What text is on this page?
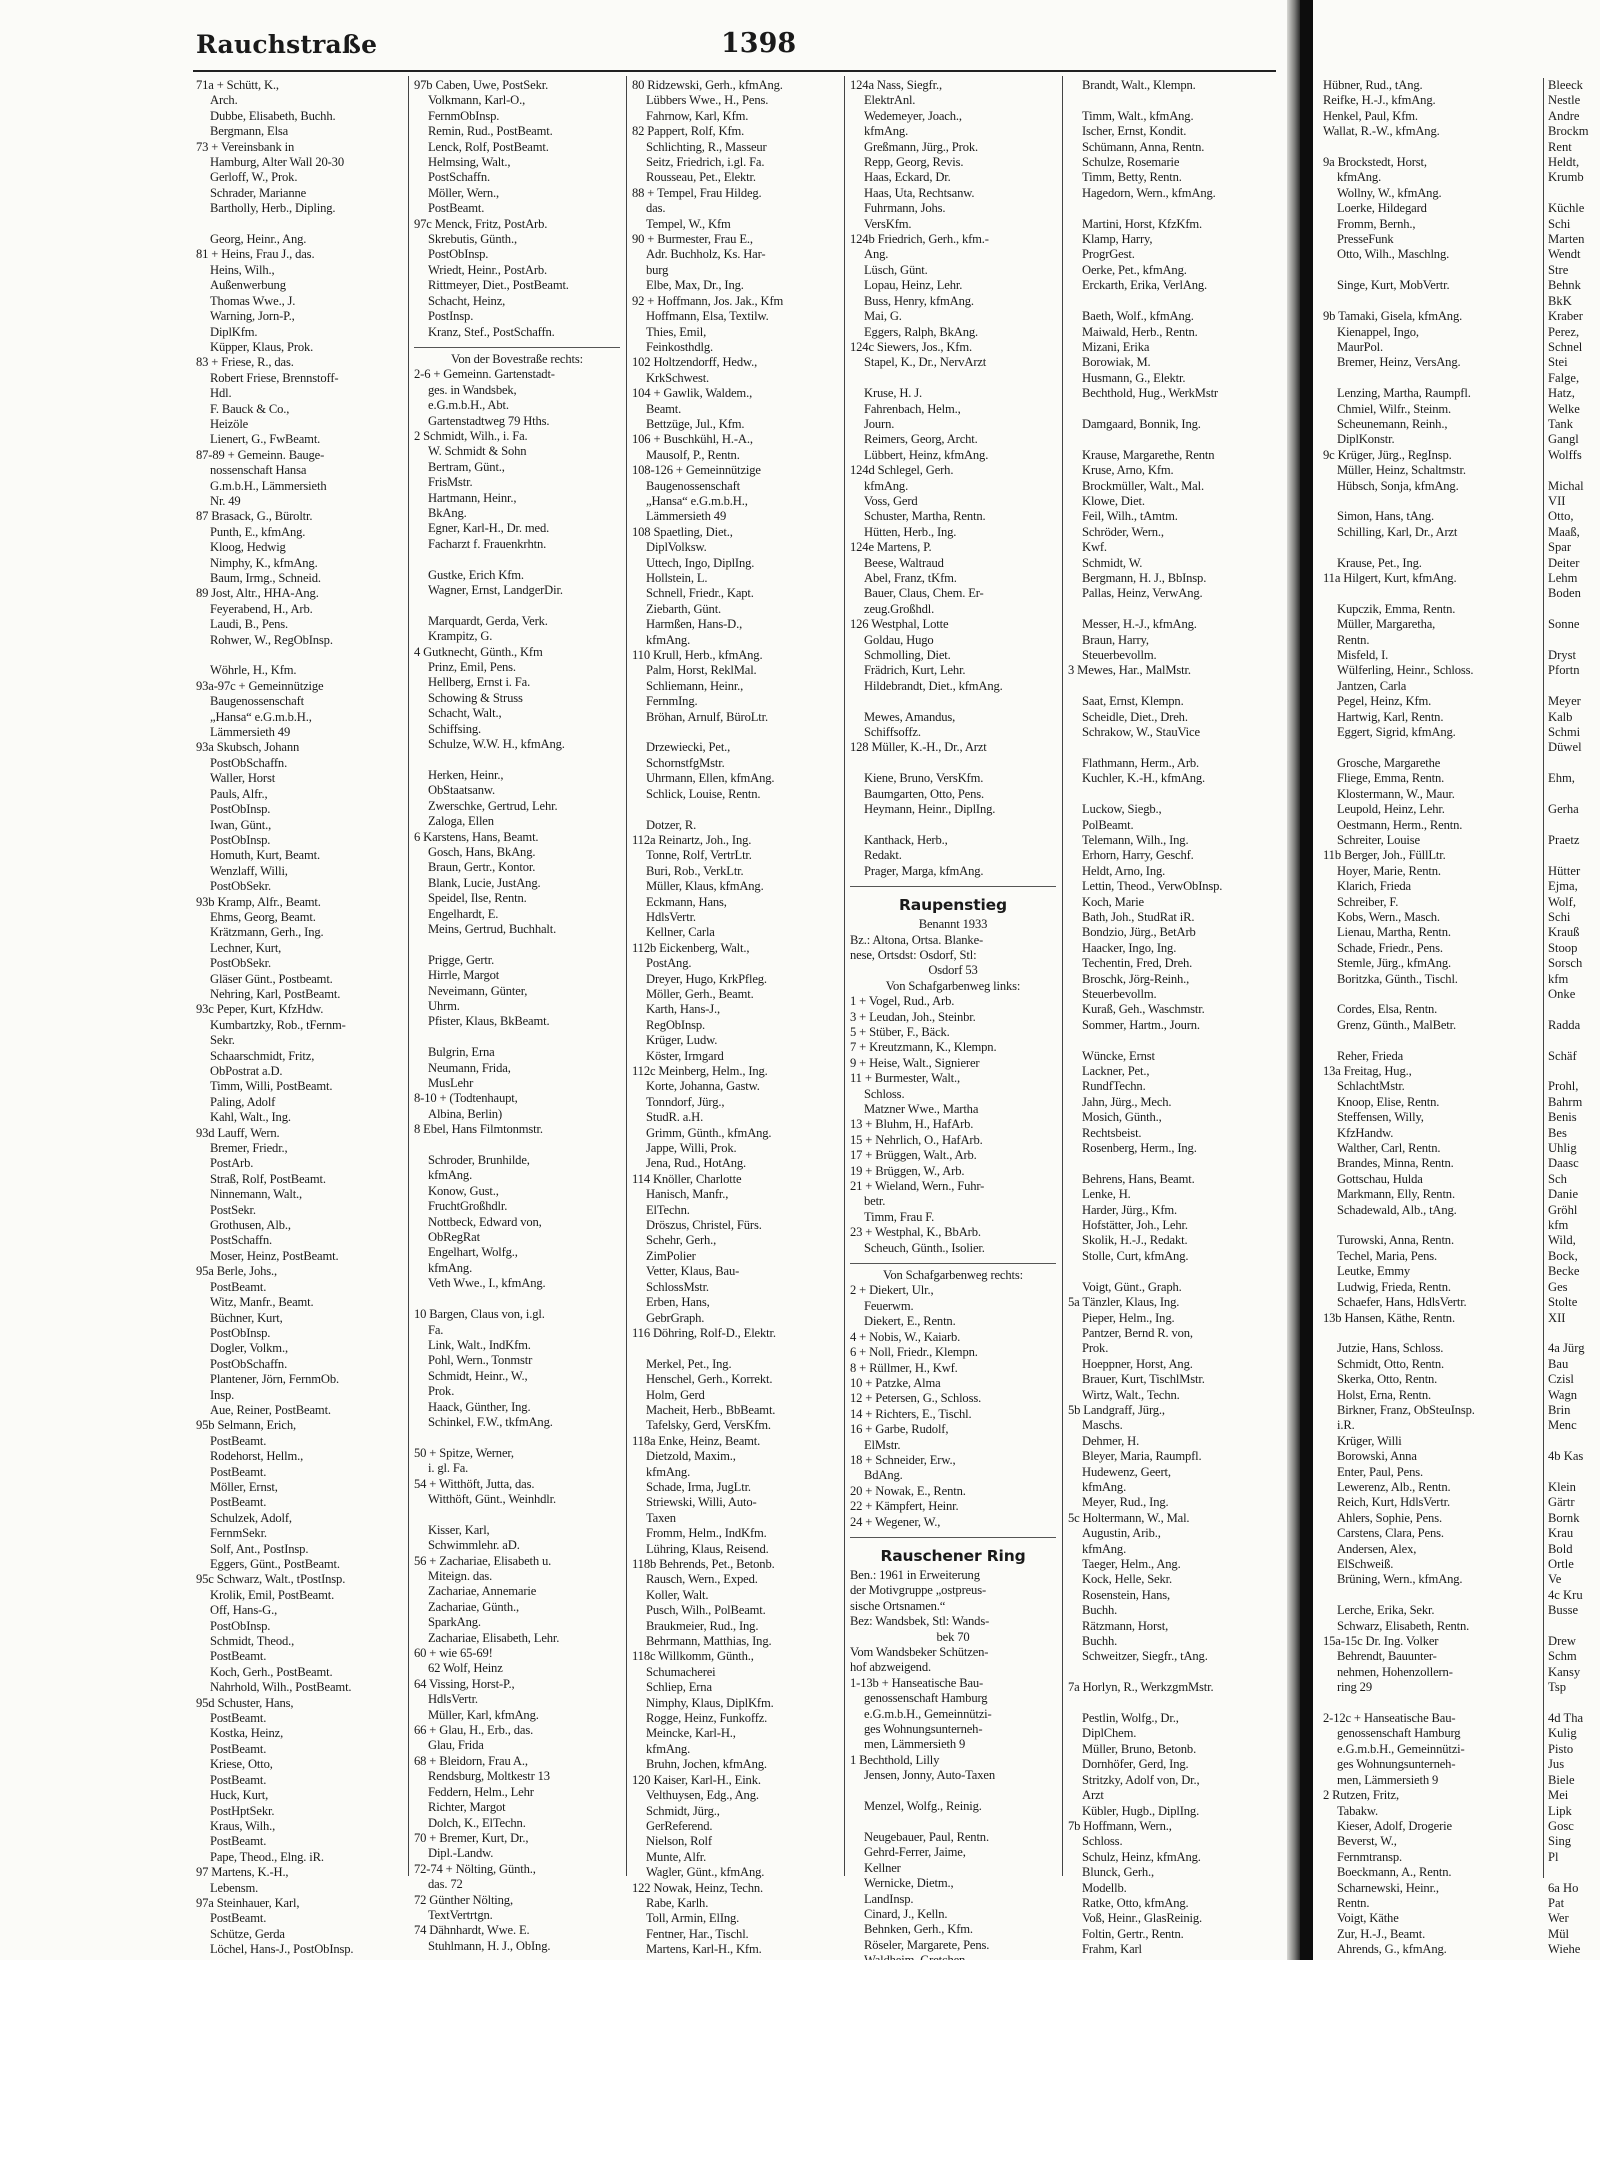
Rauchstraße	1398
71a + Schütt, K.,
Arch.
Dubbe, Elisabeth, Buchh.
Bergmann, Elsa
73 + Vereinsbank in
Hamburg, Alter Wall 20-30
Gerloff, W., Prok.
Schrader, Marianne
Bartholly, Herb., Dipling.

Georg, Heinr., Ang.
81 + Heins, Frau J., das.
Heins, Wilh.,
Außenwerbung
Thomas Wwe., J.
Warning, Jorn-P.,
DiplKfm.
Küpper, Klaus, Prok.
83 + Friese, R., das.
Robert Friese, Brennstoff-
Hdl.
F. Bauck & Co.,
Heizöle
Lienert, G., FwBeamt.
87-89 + Gemeinn. Bauge-
nossenschaft Hansa
G.m.b.H., Lämmersieth
Nr. 49
87 Brasack, G., Büroltr.
Punth, E., kfmAng.
Kloog, Hedwig
Nimphy, K., kfmAng.
Baum, Irmg., Schneid.
89 Jost, Altr., HHA-Ang.
Feyerabend, H., Arb.
Laudi, B., Pens.
Rohwer, W., RegObInsp.

Wöhrle, H., Kfm.
93a-97c + Gemeinnützige
Baugenossenschaft
„Hansa“ e.G.m.b.H.,
Lämmersieth 49
93a Skubsch, Johann
PostObSchaffn.
Waller, Horst
Pauls, Alfr.,
PostObInsp.
Iwan, Günt.,
PostObInsp.
Homuth, Kurt, Beamt.
Wenzlaff, Willi,
PostObSekr.
93b Kramp, Alfr., Beamt.
Ehms, Georg, Beamt.
Krätzmann, Gerh., Ing.
Lechner, Kurt,
PostObSekr.
Gläser Günt., Postbeamt.
Nehring, Karl, PostBeamt.
93c Peper, Kurt, KfzHdw.
Kumbartzky, Rob., tFernm-
Sekr.
Schaarschmidt, Fritz,
ObPostrat a.D.
Timm, Willi, PostBeamt.
Paling, Adolf
Kahl, Walt., Ing.
93d Lauff, Wern.
Bremer, Friedr.,
PostArb.
Straß, Rolf, PostBeamt.
Ninnemann, Walt.,
PostSekr.
Grothusen, Alb.,
PostSchaffn.
Moser, Heinz, PostBeamt.
95a Berle, Johs.,
PostBeamt.
Witz, Manfr., Beamt.
Büchner, Kurt,
PostObInsp.
Dogler, Volkm.,
PostObSchaffn.
Plantener, Jörn, FernmOb.
Insp.
Aue, Reiner, PostBeamt.
95b Selmann, Erich,
PostBeamt.
Rodehorst, Hellm.,
PostBeamt.
Möller, Ernst,
PostBeamt.
Schulzek, Adolf,
FernmSekr.
Solf, Ant., PostInsp.
Eggers, Günt., PostBeamt.
95c Schwarz, Walt., tPostInsp.
Krolik, Emil, PostBeamt.
Off, Hans-G.,
PostObInsp.
Schmidt, Theod.,
PostBeamt.
Koch, Gerh., PostBeamt.
Nahrhold, Wilh., PostBeamt.
95d Schuster, Hans,
PostBeamt.
Kostka, Heinz,
PostBeamt.
Kriese, Otto,
PostBeamt.
Huck, Kurt,
PostHptSekr.
Kraus, Wilh.,
PostBeamt.
Pape, Theod., Elng. iR.
97 Martens, K.-H.,
Lebensm.
97a Steinhauer, Karl,
PostBeamt.
Schütze, Gerda
Löchel, Hans-J., PostObInsp.

97b Caben, Uwe, PostSekr.
Volkmann, Karl-O.,
FernmObInsp.
Remin, Rud., PostBeamt.
Lenck, Rolf, PostBeamt.
Helmsing, Walt.,
PostSchaffn.
Möller, Wern.,
PostBeamt.
97c Menck, Fritz, PostArb.
Skrebutis, Günth.,
PostObInsp.
Wriedt, Heinr., PostArb.
Rittmeyer, Diet., PostBeamt.
Schacht, Heinz,
PostInsp.
Kranz, Stef., PostSchaffn.
Von der Bovestraße rechts:
2-6 + Gemeinn. Gartenstadt-
ges. in Wandsbek,
e.G.m.b.H., Abt.
Gartenstadtweg 79 Hths.
2 Schmidt, Wilh., i. Fa.
W. Schmidt & Sohn
Bertram, Günt.,
FrisMstr.
Hartmann, Heinr.,
BkAng.
Egner, Karl-H., Dr. med.
Facharzt f. Frauenkrhtn.

Gustke, Erich Kfm.
Wagner, Ernst, LandgerDir.

Marquardt, Gerda, Verk.
Krampitz, G.
4 Gutknecht, Günth., Kfm
Prinz, Emil, Pens.
Hellberg, Ernst i. Fa.
Schowing & Struss
Schacht, Walt.,
Schiffsing.
Schulze, W.W. H., kfmAng.

Herken, Heinr.,
ObStaatsanw.
Zwerschke, Gertrud, Lehr.
Zaloga, Ellen
6 Karstens, Hans, Beamt.
Gosch, Hans, BkAng.
Braun, Gertr., Kontor.
Blank, Lucie, JustAng.
Speidel, Ilse, Rentn.
Engelhardt, E.
Meins, Gertrud, Buchhalt.

Prigge, Gertr.
Hirrle, Margot
Neveimann, Günter,
Uhrm.
Pfister, Klaus, BkBeamt.

Bulgrin, Erna
Neumann, Frida,
MusLehr
8-10 + (Todtenhaupt,
Albina, Berlin)
8 Ebel, Hans Filmtonmstr.

Schroder, Brunhilde,
kfmAng.
Konow, Gust.,
FruchtGroßhdlr.
Nottbeck, Edward von,
ObRegRat
Engelhart, Wolfg.,
kfmAng.
Veth Wwe., I., kfmAng.

10 Bargen, Claus von, i.gl.
Fa.
Link, Walt., IndKfm.
Pohl, Wern., Tonmstr
Schmidt, Heinr., W.,
Prok.
Haack, Günther, Ing.
Schinkel, F.W., tkfmAng.

50 + Spitze, Werner,
i. gl. Fa.
54 + Witthöft, Jutta, das.
Witthöft, Günt., Weinhdlr.

Kisser, Karl,
Schwimmlehr. aD.
56 + Zachariae, Elisabeth u.
Miteign. das.
Zachariae, Annemarie
Zachariae, Günth.,
SparkAng.
Zachariae, Elisabeth, Lehr.
60 + wie 65-69!
62 Wolf, Heinz
64 Vissing, Horst-P.,
HdlsVertr.
Müller, Karl, kfmAng.
66 + Glau, H., Erb., das.
Glau, Frida
68 + Bleidorn, Frau A.,
Rendsburg, Moltkestr 13
Feddern, Helm., Lehr
Richter, Margot
Dolch, K., ElTechn.
70 + Bremer, Kurt, Dr.,
Dipl.-Landw.
72-74 + Nölting, Günth.,
das. 72
72 Günther Nölting,
TextVertrtgn.
74 Dähnhardt, Wwe. E.
Stuhlmann, H. J., ObIng.

80 Ridzewski, Gerh., kfmAng.
Lübbers Wwe., H., Pens.
Fahrnow, Karl, Kfm.
82 Pappert, Rolf, Kfm.
Schlichting, R., Masseur
Seitz, Friedrich, i.gl. Fa.
Rousseau, Pet., Elektr.
88 + Tempel, Frau Hildeg.
das.
Tempel, W., Kfm
90 + Burmester, Frau E.,
Adr. Buchholz, Ks. Har-
burg
Elbe, Max, Dr., Ing.
92 + Hoffmann, Jos. Jak., Kfm
Hoffmann, Elsa, Textilw.
Thies, Emil,
Feinkosthdlg.
102 Holtzendorff, Hedw.,
KrkSchwest.
104 + Gawlik, Waldem.,
Beamt.
Bettzüge, Jul., Kfm.
106 + Buschkühl, H.-A.,
Mausolf, P., Rentn.
108-126 + Gemeinnützige
Baugenossenschaft
„Hansa“ e.G.m.b.H.,
Lämmersieth 49
108 Spaetling, Diet.,
DiplVolksw.
Uttech, Ingo, DiplIng.
Hollstein, L.
Schnell, Friedr., Kapt.
Ziebarth, Günt.
Harmßen, Hans-D.,
kfmAng.
110 Krull, Herb., kfmAng.
Palm, Horst, ReklMal.
Schliemann, Heinr.,
FernmIng.
Bröhan, Arnulf, BüroLtr.

Drzewiecki, Pet.,
SchornstfgMstr.
Uhrmann, Ellen, kfmAng.
Schlick, Louise, Rentn.

Dotzer, R.
112a Reinartz, Joh., Ing.
Tonne, Rolf, VertrLtr.
Buri, Rob., VerkLtr.
Müller, Klaus, kfmAng.
Eckmann, Hans,
HdlsVertr.
Kellner, Carla
112b Eickenberg, Walt.,
PostAng.
Dreyer, Hugo, KrkPfleg.
Möller, Gerh., Beamt.
Karth, Hans-J.,
RegObInsp.
Krüger, Ludw.
Köster, Irmgard
112c Meinberg, Helm., Ing.
Korte, Johanna, Gastw.
Tonndorf, Jürg.,
StudR. a.H.
Grimm, Günth., kfmAng.
Jappe, Willi, Prok.
Jena, Rud., HotAng.
114 Knöller, Charlotte
Hanisch, Manfr.,
ElTechn.
Dröszus, Christel, Fürs.
Schehr, Gerh.,
ZimPolier
Vetter, Klaus, Bau-
SchlossMstr.
Erben, Hans,
GebrGraph.
116 Döhring, Rolf-D., Elektr.

Merkel, Pet., Ing.
Henschel, Gerh., Korrekt.
Holm, Gerd
Macheit, Herb., BbBeamt.
Tafelsky, Gerd, VersKfm.
118a Enke, Heinz, Beamt.
Dietzold, Maxim.,
kfmAng.
Schade, Irma, JugLtr.
Striewski, Willi, Auto-
Taxen
Fromm, Helm., IndKfm.
Lühring, Klaus, Reisend.
118b Behrends, Pet., Betonb.
Rausch, Wern., Exped.
Koller, Walt.
Pusch, Wilh., PolBeamt.
Braukmeier, Rud., Ing.
Behrmann, Matthias, Ing.
118c Willkomm, Günth.,
Schumacherei
Schliep, Erna
Nimphy, Klaus, DiplKfm.
Rogge, Heinz, Funkoffz.
Meincke, Karl-H.,
kfmAng.
Bruhn, Jochen, kfmAng.
120 Kaiser, Karl-H., Eink.
Velthuysen, Edg., Ang.
Schmidt, Jürg.,
GerReferend.
Nielson, Rolf
Munte, Alfr.
Wagler, Günt., kfmAng.
122 Nowak, Heinz, Techn.
Rabe, Karlh.
Toll, Armin, ElIng.
Fentner, Har., Tischl.
Martens, Karl-H., Kfm.
124a Nass, Siegfr.,
ElektrAnl.
Wedemeyer, Joach.,
kfmAng.
Greßmann, Jürg., Prok.
Repp, Georg, Revis.
Haas, Eckard, Dr.
Haas, Uta, Rechtsanw.
Fuhrmann, Johs.
VersKfm.
124b Friedrich, Gerh., kfm.-
Ang.
Lüsch, Günt.
Lopau, Heinz, Lehr.
Buss, Henry, kfmAng.
Mai, G.
Eggers, Ralph, BkAng.
124c Siewers, Jos., Kfm.
Stapel, K., Dr., NervArzt

Kruse, H. J.
Fahrenbach, Helm.,
Journ.
Reimers, Georg, Archt.
Lübbert, Heinz, kfmAng.
124d Schlegel, Gerh.
kfmAng.
Voss, Gerd
Schuster, Martha, Rentn.
Hütten, Herb., Ing.
124e Martens, P.
Beese, Waltraud
Abel, Franz, tKfm.
Bauer, Claus, Chem. Er-
zeug.Großhdl.
126 Westphal, Lotte
Goldau, Hugo
Schmolling, Diet.
Frädrich, Kurt, Lehr.
Hildebrandt, Diet., kfmAng.

Mewes, Amandus,
Schiffsoffz.
128 Müller, K.-H., Dr., Arzt

Kiene, Bruno, VersKfm.
Baumgarten, Otto, Pens.
Heymann, Heinr., DiplIng.

Kanthack, Herb.,
Redakt.
Prager, Marga, kfmAng.
Raupenstieg
Benannt 1933
Bz.: Altona, Ortsa. Blanke-
nese, Ortsdst: Osdorf, Stl:
Osdorf 53
Von Schafgarbenweg links:
1 + Vogel, Rud., Arb.
3 + Leudan, Joh., Steinbr.
5 + Stüber, F., Bäck.
7 + Kreutzmann, K., Klempn.
9 + Heise, Walt., Signierer
11 + Burmester, Walt.,
Schloss.
Matzner Wwe., Martha
13 + Bluhm, H., HafArb.
15 + Nehrlich, O., HafArb.
17 + Brüggen, Walt., Arb.
19 + Brüggen, W., Arb.
21 + Wieland, Wern., Fuhr-
betr.
Timm, Frau F.
23 + Westphal, K., BbArb.
Scheuch, Günth., Isolier.
Von Schafgarbenweg rechts:
2 + Diekert, Ulr.,
Feuerwm.
Diekert, E., Rentn.
4 + Nobis, W., Kaiarb.
6 + Noll, Friedr., Klempn.
8 + Rüllmer, H., Kwf.
10 + Patzke, Alma
12 + Petersen, G., Schloss.
14 + Richters, E., Tischl.
16 + Garbe, Rudolf,
ElMstr.
18 + Schneider, Erw.,
BdAng.
20 + Nowak, E., Rentn.
22 + Kämpfert, Heinr.
24 + Wegener, W.,
Rauschener Ring
Ben.: 1961 in Erweiterung
der Motivgruppe „ostpreus-
sische Ortsnamen.“
Bez: Wandsbek, Stl: Wands-
bek 70
Vom Wandsbeker Schützen-
hof abzweigend.
1-13b + Hanseatische Bau-
genossenschaft Hamburg
e.G.m.b.H., Gemeinnützi-
ges Wohnungsunterneh-
men, Lämmersieth 9
1 Bechthold, Lilly
Jensen, Jonny, Auto-Taxen

Menzel, Wolfg., Reinig.

Neugebauer, Paul, Rentn.
Gehrd-Ferrer, Jaime,
Kellner
Wernicke, Dietm.,
LandInsp.
Cinard, J., Kelln.
Behnken, Gerh., Kfm.
Röseler, Margarete, Pens.
Brandt, Walt., Klempn.

Timm, Walt., kfmAng.
Ischer, Ernst, Kondit.
Schümann, Anna, Rentn.
Schulze, Rosemarie
Timm, Betty, Rentn.
Hagedorn, Wern., kfmAng.

Martini, Horst, KfzKfm.
Klamp, Harry,
ProgrGest.
Oerke, Pet., kfmAng.
Erckarth, Erika, VerlAng.

Baeth, Wolf., kfmAng.
Maiwald, Herb., Rentn.
Mizani, Erika
Borowiak, M.
Husmann, G., Elektr.
Bechthold, Hug., WerkMstr

Damgaard, Bonnik, Ing.

Krause, Margarethe, Rentn
Kruse, Arno, Kfm.
Brockmüller, Walt., Mal.
Klowe, Diet.
Feil, Wilh., tAmtm.
Schröder, Wern.,
Kwf.
Schmidt, W.
Bergmann, H. J., BbInsp.
Pallas, Heinz, VerwAng.

Messer, H.-J., kfmAng.
Braun, Harry,
Steuerbevollm.
3 Mewes, Har., MalMstr.

Saat, Ernst, Klempn.
Scheidle, Diet., Dreh.
Schrakow, W., StauVice

Flathmann, Herm., Arb.
Kuchler, K.-H., kfmAng.

Luckow, Siegb.,
PolBeamt.
Telemann, Wilh., Ing.
Erhorn, Harry, Geschf.
Heldt, Arno, Ing.
Lettin, Theod., VerwObInsp.
Koch, Marie
Bath, Joh., StudRat iR.
Bondzio, Jürg., BetArb
Haacker, Ingo, Ing.
Techentin, Fred, Dreh.
Broschk, Jörg-Reinh.,
Steuerbevollm.
Kuraß, Geh., Waschmstr.
Sommer, Hartm., Journ.

Wüncke, Ernst
Lackner, Pet.,
RundfTechn.
Jahn, Jürg., Mech.
Mosich, Günth.,
Rechtsbeist.
Rosenberg, Herm., Ing.

Behrens, Hans, Beamt.
Lenke, H.
Harder, Jürg., Kfm.
Hofstätter, Joh., Lehr.
Skolik, H.-J., Redakt.
Stolle, Curt, kfmAng.

Voigt, Günt., Graph.
5a Tänzler, Klaus, Ing.
Pieper, Helm., Ing.
Pantzer, Bernd R. von,
Prok.
Hoeppner, Horst, Ang.
Brauer, Kurt, TischlMstr.
Wirtz, Walt., Techn.
5b Landgraff, Jürg.,
Maschs.
Dehmer, H.
Bleyer, Maria, Raumpfl.
Hudewenz, Geert,
kfmAng.
Meyer, Rud., Ing.
5c Holtermann, W., Mal.
Augustin, Arib.,
kfmAng.
Taeger, Helm., Ang.
Kock, Helle, Sekr.
Rosenstein, Hans,
Buchh.
Rätzmann, Horst,
Buchh.
Schweitzer, Siegfr., tAng.

7a Horlyn, R., WerkzgmMstr.

Pestlin, Wolfg., Dr.,
DiplChem.
Müller, Bruno, Betonb.
Dornhöfer, Gerd, Ing.
Stritzky, Adolf von, Dr.,
Arzt
Kübler, Hugb., DiplIng.
7b Hoffmann, Wern.,
Schloss.
Schulz, Heinz, kfmAng.
Blunck, Gerh.,
Modellb.
Ratke, Otto, kfmAng.
Voß, Heinr., GlasReinig.
Foltin, Gertr., Rentn.
Frahm, Karl
Hübner, Rud., tAng.
Reifke, H.-J., kfmAng.
Henkel, Paul, Kfm.
Wallat, R.-W., kfmAng.

9a Brockstedt, Horst,
kfmAng.
Wollny, W., kfmAng.
Loerke, Hildegard
Fromm, Bernh.,
PresseFunk
Otto, Wilh., Maschlng.

Singe, Kurt, MobVertr.

9b Tamaki, Gisela, kfmAng.
Kienappel, Ingo,
MaurPol.
Bremer, Heinz, VersAng.

Lenzing, Martha, Raumpfl.
Chmiel, Wilfr., Steinm.
Scheunemann, Reinh.,
DiplKonstr.
9c Krüger, Jürg., RegInsp.
Müller, Heinz, Schaltmstr.
Hübsch, Sonja, kfmAng.

Simon, Hans, tAng.
Schilling, Karl, Dr., Arzt

Krause, Pet., Ing.
11a Hilgert, Kurt, kfmAng.

Kupczik, Emma, Rentn.
Müller, Margaretha,
Rentn.
Misfeld, I.
Wülferling, Heinr., Schloss.
Jantzen, Carla
Pegel, Heinz, Kfm.
Hartwig, Karl, Rentn.
Eggert, Sigrid, kfmAng.

Grosche, Margarethe
Fliege, Emma, Rentn.
Klostermann, W., Maur.
Leupold, Heinz, Lehr.
Oestmann, Herm., Rentn.
Schreiter, Louise
11b Berger, Joh., FüllLtr.
Hoyer, Marie, Rentn.
Klarich, Frieda
Schreiber, F.
Kobs, Wern., Masch.
Lienau, Martha, Rentn.
Schade, Friedr., Pens.
Stemle, Jürg., kfmAng.
Boritzka, Günth., Tischl.

Cordes, Elsa, Rentn.
Grenz, Günth., MalBetr.

Reher, Frieda
13a Freitag, Hug.,
SchlachtMstr.
Knoop, Elise, Rentn.
Steffensen, Willy,
KfzHandw.
Walther, Carl, Rentn.
Brandes, Minna, Rentn.
Gottschau, Hulda
Markmann, Elly, Rentn.
Schadewald, Alb., tAng.

Turowski, Anna, Rentn.
Techel, Maria, Pens.
Leutke, Emmy
Ludwig, Frieda, Rentn.
Schaefer, Hans, HdlsVertr.
13b Hansen, Käthe, Rentn.

Jutzie, Hans, Schloss.
Schmidt, Otto, Rentn.
Skerka, Otto, Rentn.
Holst, Erna, Rentn.
Birkner, Franz, ObSteuInsp.
i.R.
Krüger, Willi
Borowski, Anna
Enter, Paul, Pens.
Lewerenz, Alb., Rentn.
Reich, Kurt, HdlsVertr.
Ahlers, Sophie, Pens.
Carstens, Clara, Pens.
Andersen, Alex,
ElSchweiß.
Brüning, Wern., kfmAng.

Lerche, Erika, Sekr.
Schwarz, Elisabeth, Rentn.
15a-15c Dr. Ing. Volker
Behrendt, Bauunter-
nehmen, Hohenzollern-
ring 29

2-12c + Hanseatische Bau-
genossenschaft Hamburg
e.G.m.b.H., Gemeinnützi-
ges Wohnungsunterneh-
men, Lämmersieth 9
2 Rutzen, Fritz,
Tabakw.
Kieser, Adolf, Drogerie
Beverst, W.,
Fernmtransp.
Boeckmann, A., Rentn.
Scharnewski, Heinr.,
Rentn.
Voigt, Käthe
Zur, H.-J., Beamt.
Ahrends, G., kfmAng.
Bleeck
Nestle
Andre
Brockm
Rent
Heldt,
Krumb

Küchle
Schi
Marten
Wendt
Stre
Behnk
BkK
Kraber
Perez,
Schnel
Stei
Falge,
Hatz,
Welke
Tank
Gangl
Wolffs

Michal
VII
Otto,
Maaß,
Spar
Deiter
Lehm
Boden

Sonne

Dryst
Pfortn

Meyer
Kalb
Schmi
Düwel

Ehm,

Gerha

Praetz

Hütter
Ejma,
Wolf,
Schi
Krauß
Stoop
Sorsch
kfm
Onke

Radda

Schäf

Prohl,
Bahrm
Benis
Bes
Uhlig
Daasc
Sch
Danie
Gröhl
kfm
Wild,
Bock,
Becke
Ges
Stolte
XII

4a Jürg
Bau
Czisl
Wagn
Brin
Menc

4b Kas

Klein
Gärtr
Bornk
Krau
Bold
Ortle
Ve
4c Kru
Busse

Drew
Schm
Kansy
Tsp

4d Tha
Kulig
Pisto
Jus
Biele
Mei
Lipk
Gosc
Sing
Pl

6a Ho
Pat
Wer
Mül
Wiehe
